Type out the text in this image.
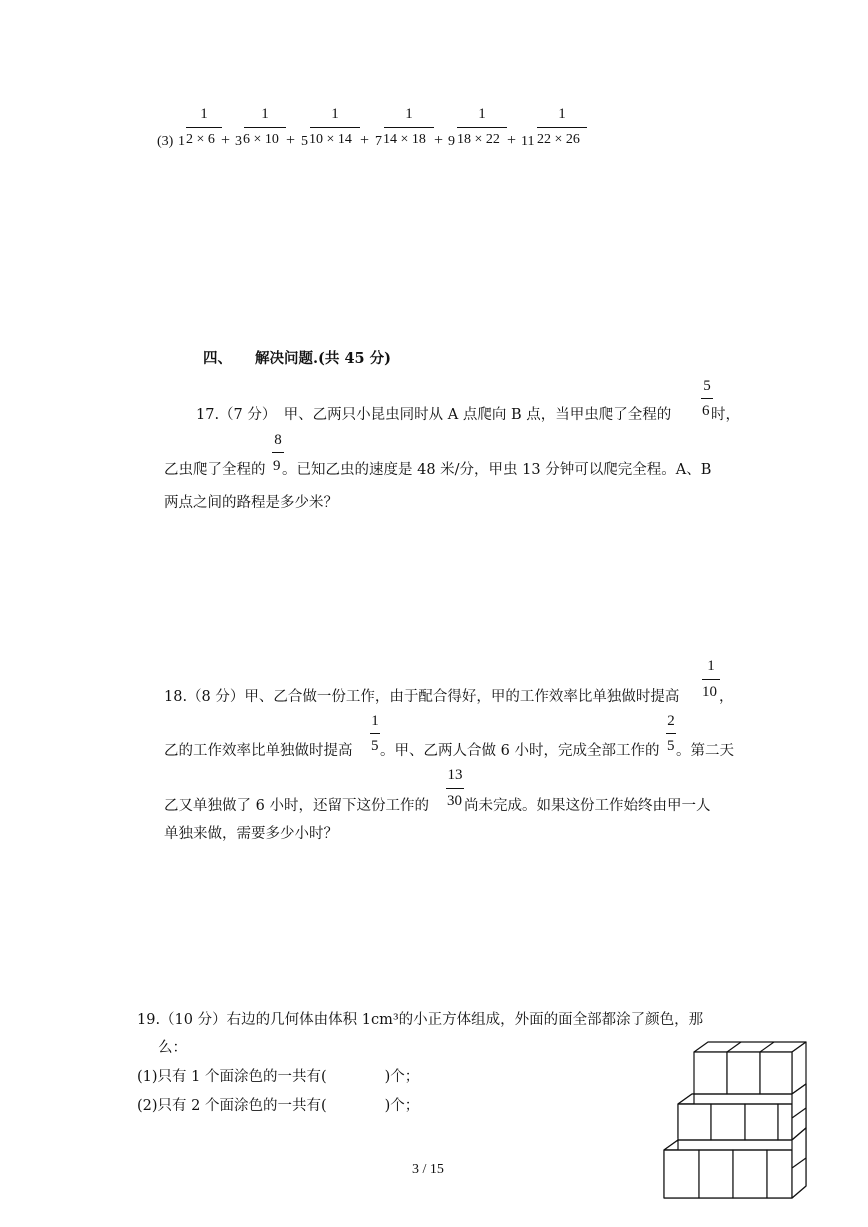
(3) 1
1
2 × 6 + 3
1
6 × 10 + 5
1
10 × 14 + 7
1
14 × 18 + 9
1
18 × 22 + 11
1
22 × 26
四、 解决问题.(共 45 分)
17.（7 分）　甲、乙两只小昆虫同时从 A 点爬向 B 点，当甲虫爬了全程的
5
6 时，
乙虫爬了全程的
8
9 。已知乙虫的速度是 48 米/分，甲虫 13 分钟可以爬完全程。A、B
两点之间的路程是多少米？
18.（8 分）甲、乙合做一份工作，由于配合得好，甲的工作效率比单独做时提高
1
10 ，
乙的工作效率比单独做时提高
1
5 。甲、乙两人合做 6 小时，完成全部工作的
2
5 。第二天
乙又单独做了 6 小时，还留下这份工作的
13
30 尚未完成。如果这份工作始终由甲一人
单独来做，需要多少小时？
19.（10 分）右边的几何体由体积 1cm³的小正方体组成，外面的面全部都涂了颜色，那
么：
(1)只有 1 个面涂色的一共有(	)个；
(2)只有 2 个面涂色的一共有(	)个；
3 / 15
